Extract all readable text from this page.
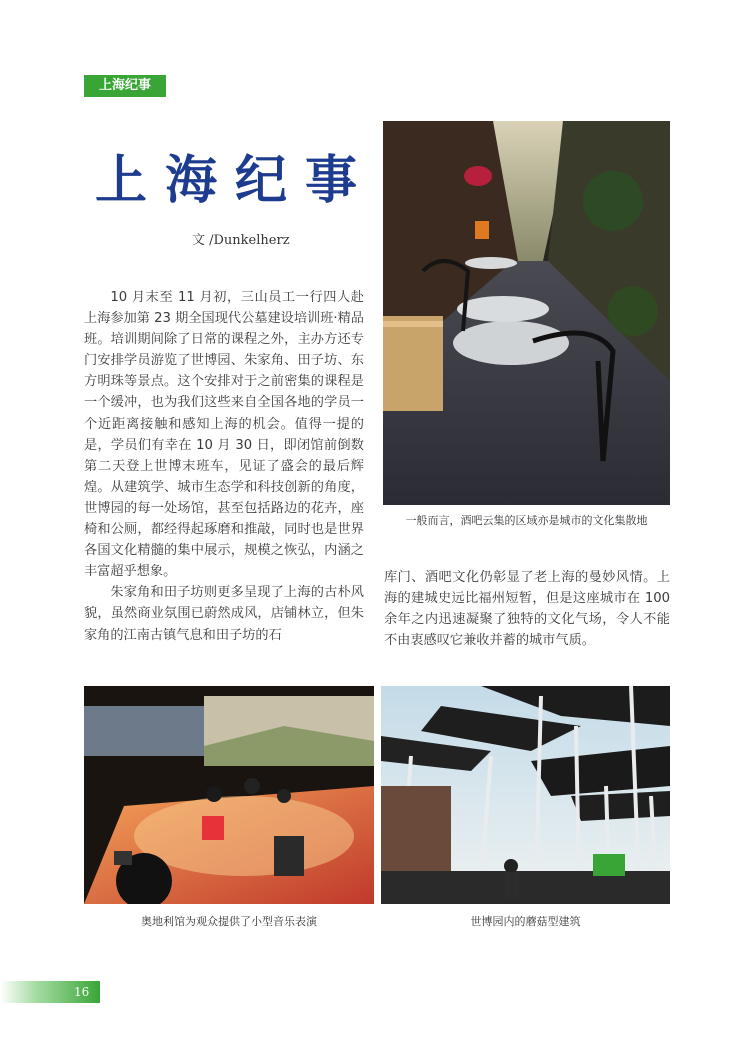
上海纪事
上海纪事
文 /Dunkelherz

10 月末至 11 月初，三山员工一行四人赴上海参加第 23 期全国现代公墓建设培训班·精品班。培训期间除了日常的课程之外，主办方还专门安排学员游览了世博园、朱家角、田子坊、东方明珠等景点。这个安排对于之前密集的课程是一个缓冲，也为我们这些来自全国各地的学员一个近距离接触和感知上海的机会。值得一提的是，学员们有幸在 10 月 30 日，即闭馆前倒数第二天登上世博末班车，见证了盛会的最后辉煌。从建筑学、城市生态学和科技创新的角度，世博园的每一处场馆，甚至包括路边的花卉，座椅和公厕，都经得起琢磨和推敲，同时也是世界各国文化精髓的集中展示，规模之恢弘，内涵之丰富超乎想象。

朱家角和田子坊则更多呈现了上海的古朴风貌，虽然商业氛围已蔚然成风，店铺林立，但朱家角的江南古镇气息和田子坊的石

库门、酒吧文化仍彰显了老上海的曼妙风情。上海的建城史远比福州短暂，但是这座城市在 100 余年之内迅速凝聚了独特的文化气场，令人不能不由衷感叹它兼收并蓄的城市气质。

一般而言，酒吧云集的区域亦是城市的文化集散地
奥地利馆为观众提供了小型音乐表演	世博园内的蘑菇型建筑
16
